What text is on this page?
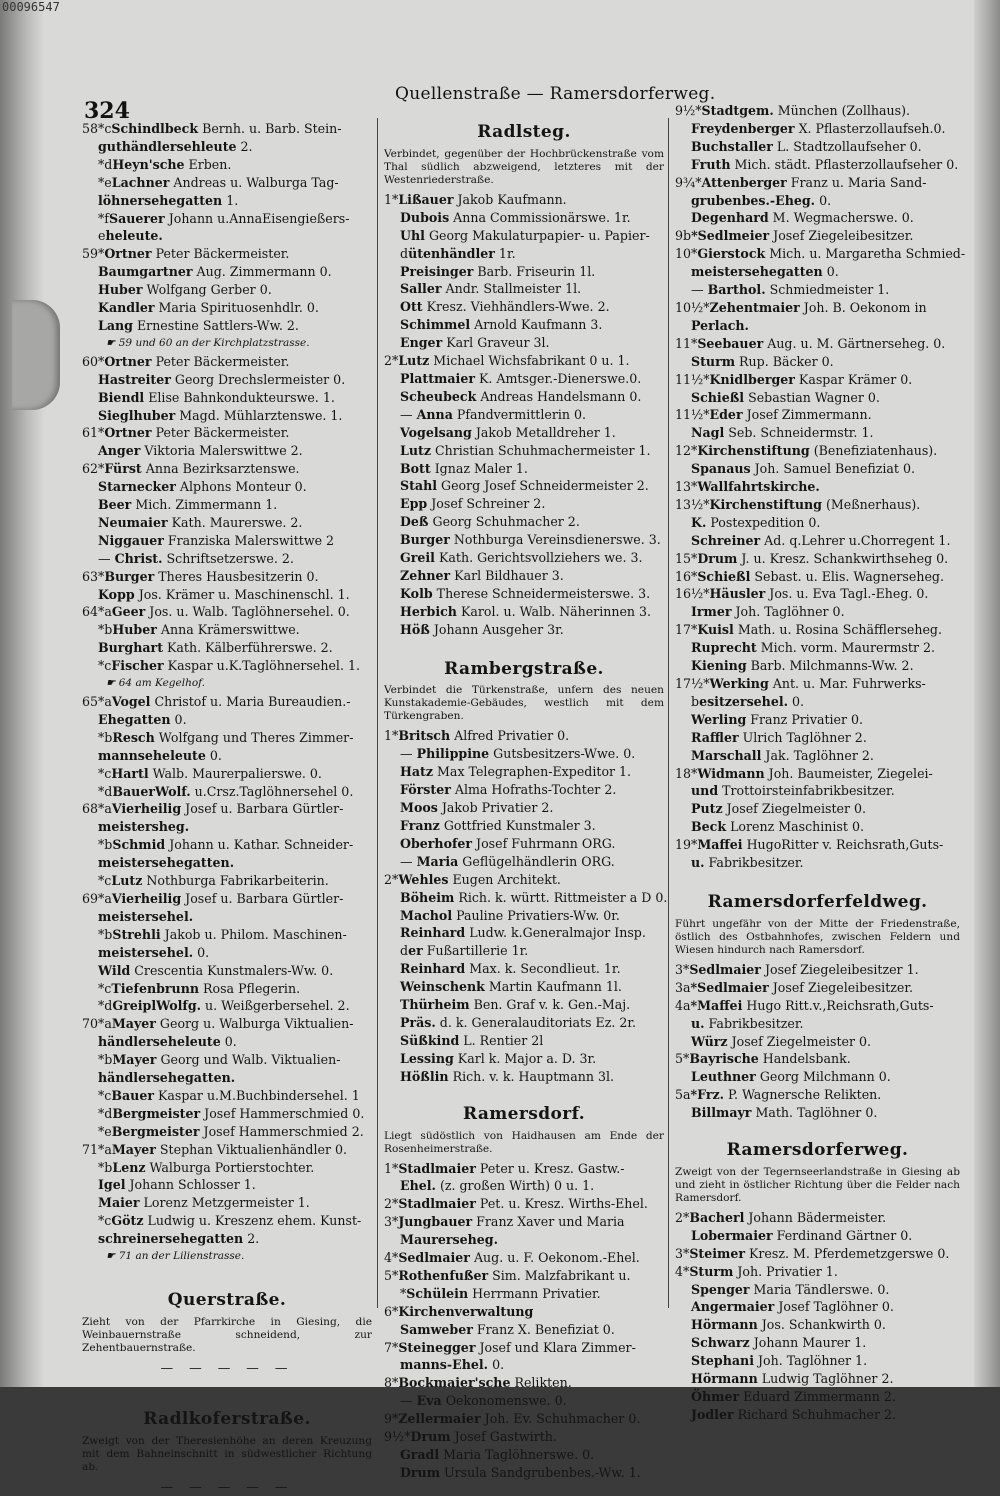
00096547
324
Quellenstraße — Ramersdorferweg.
58*cSchindlbeck Bernh. u. Barb. Stein-
guthändlersehleute 2.
*dHeyn'sche Erben.
*eLachner Andreas u. Walburga Tag-
löhnersehegatten 1.
*fSauerer Johann u.AnnaEisengießers-
eheleute.
59*Ortner Peter Bäckermeister.
Baumgartner Aug. Zimmermann 0.
Huber Wolfgang Gerber 0.
Kandler Maria Spirituosenhdlr. 0.
Lang Ernestine Sattlers-Ww. 2.
☛ 59 und 60 an der Kirchplatzstrasse.
60*Ortner Peter Bäckermeister.
Hastreiter Georg Drechslermeister 0.
Biendl Elise Bahnkondukteurswe. 1.
Sieglhuber Magd. Mühlarztenswe. 1.
61*Ortner Peter Bäckermeister.
Anger Viktoria Malerswittwe 2.
62*Fürst Anna Bezirksarztenswe.
Starnecker Alphons Monteur 0.
Beer Mich. Zimmermann 1.
Neumaier Kath. Maurerswe. 2.
Niggauer Franziska Malerswittwe 2
— Christ. Schriftsetzerswe. 2.
63*Burger Theres Hausbesitzerin 0.
Kopp Jos. Krämer u. Maschinenschl. 1.
64*aGeer Jos. u. Walb. Taglöhnersehel. 0.
*bHuber Anna Krämerswittwe.
Burghart Kath. Kälberführerswe. 2.
*cFischer Kaspar u.K.Taglöhnersehel. 1.
☛ 64 am Kegelhof.
65*aVogel Christof u. Maria Bureaudien.-
Ehegatten 0.
*bResch Wolfgang und Theres Zimmer-
mannseheleute 0.
*cHartl Walb. Maurerpalierswe. 0.
*dBauerWolf. u.Crsz.Taglöhnersehel 0.
68*aVierheilig Josef u. Barbara Gürtler-
meistersheg.
*bSchmid Johann u. Kathar. Schneider-
meistersehegatten.
*cLutz Nothburga Fabrikarbeiterin.
69*aVierheilig Josef u. Barbara Gürtler-
meistersehel.
*bStrehli Jakob u. Philom. Maschinen-
meistersehel. 0.
Wild Crescentia Kunstmalers-Ww. 0.
*cTiefenbrunn Rosa Pflegerin.
*dGreiplWolfg. u. Weißgerbersehel. 2.
70*aMayer Georg u. Walburga Viktualien-
händlerseheleute 0.
*bMayer Georg und Walb. Viktualien-
händlersehegatten.
*cBauer Kaspar u.M.Buchbindersehel. 1
*dBergmeister Josef Hammerschmied 0.
*eBergmeister Josef Hammerschmied 2.
71*aMayer Stephan Viktualienhändler 0.
*bLenz Walburga Portierstochter.
Igel Johann Schlosser 1.
Maier Lorenz Metzgermeister 1.
*cGötz Ludwig u. Kreszenz ehem. Kunst-
schreinersehegatten 2.
☛ 71 an der Lilienstrasse.
Querstraße.
Zieht von der Pfarrkirche in Giesing, die Weinbauernstraße schneidend, zur Zehentbauernstraße.
— — — — —
Radlkoferstraße.
Zweigt von der Theresienhöhe an deren Kreuzung mit dem Bahneinschnitt in südwestlicher Richtung ab.
— — — — —
Radlsteg.
Verbindet, gegenüber der Hochbrückenstraße vom Thal südlich abzweigend, letzteres mit der Westenriederstraße.
1*Lißauer Jakob Kaufmann.
Dubois Anna Commissionärswe. 1r.
Uhl Georg Makulaturpapier- u. Papier-
dütenhändler 1r.
Preisinger Barb. Friseurin 1l.
Saller Andr. Stallmeister 1l.
Ott Kresz. Viehhändlers-Wwe. 2.
Schimmel Arnold Kaufmann 3.
Enger Karl Graveur 3l.
2*Lutz Michael Wichsfabrikant 0 u. 1.
Plattmaier K. Amtsger.-Dienerswe.0.
Scheubeck Andreas Handelsmann 0.
— Anna Pfandvermittlerin 0.
Vogelsang Jakob Metalldreher 1.
Lutz Christian Schuhmachermeister 1.
Bott Ignaz Maler 1.
Stahl Georg Josef Schneidermeister 2.
Epp Josef Schreiner 2.
Deß Georg Schuhmacher 2.
Burger Nothburga Vereinsdienerswe. 3.
Greil Kath. Gerichtsvollziehers we. 3.
Zehner Karl Bildhauer 3.
Kolb Therese Schneidermeisterswe. 3.
Herbich Karol. u. Walb. Näherinnen 3.
Höß Johann Ausgeher 3r.
Rambergstraße.
Verbindet die Türkenstraße, unfern des neuen Kunstakademie-Gebäudes, westlich mit dem Türkengraben.
1*Britsch Alfred Privatier 0.
— Philippine Gutsbesitzers-Wwe. 0.
Hatz Max Telegraphen-Expeditor 1.
Förster Alma Hofraths-Tochter 2.
Moos Jakob Privatier 2.
Franz Gottfried Kunstmaler 3.
Oberhofer Josef Fuhrmann ORG.
— Maria Geflügelhändlerin ORG.
2*Wehles Eugen Architekt.
Böheim Rich. k. württ. Rittmeister a D 0.
Machol Pauline Privatiers-Ww. 0r.
Reinhard Ludw. k.Generalmajor Insp.
der Fußartillerie 1r.
Reinhard Max. k. Secondlieut. 1r.
Weinschenk Martin Kaufmann 1l.
Thürheim Ben. Graf v. k. Gen.-Maj.
Präs. d. k. Generalauditoriats Ez. 2r.
Süßkind L. Rentier 2l
Lessing Karl k. Major a. D. 3r.
Hößlin Rich. v. k. Hauptmann 3l.
Ramersdorf.
Liegt südöstlich von Haidhausen am Ende der Rosenheimerstraße.
1*Stadlmaier Peter u. Kresz. Gastw.-
Ehel. (z. großen Wirth) 0 u. 1.
2*Stadlmaier Pet. u. Kresz. Wirths-Ehel.
3*Jungbauer Franz Xaver und Maria
Maurerseheg.
4*Sedlmaier Aug. u. F. Oekonom.-Ehel.
5*Rothenfußer Sim. Malzfabrikant u.
*Schülein Herrmann Privatier.
6*Kirchenverwaltung
Samweber Franz X. Benefiziat 0.
7*Steinegger Josef und Klara Zimmer-
manns-Ehel. 0.
8*Bockmaier'sche Relikten.
— Eva Oekonomenswe. 0.
9*Zellermaier Joh. Ev. Schuhmacher 0.
9½*Drum Josef Gastwirth.
Gradl Maria Taglöhnerswe. 0.
Drum Ursula Sandgrubenbes.-Ww. 1.
9½*Stadtgem. München (Zollhaus).
Freydenberger X. Pflasterzollaufseh.0.
Buchstaller L. Stadtzollaufseher 0.
Fruth Mich. städt. Pflasterzollaufseher 0.
9¾*Attenberger Franz u. Maria Sand-
grubenbes.-Eheg. 0.
Degenhard M. Wegmacherswe. 0.
9b*Sedlmeier Josef Ziegeleibesitzer.
10*Gierstock Mich. u. Margaretha Schmied-
meistersehegatten 0.
— Barthol. Schmiedmeister 1.
10½*Zehentmaier Joh. B. Oekonom in
Perlach.
11*Seebauer Aug. u. M. Gärtnerseheg. 0.
Sturm Rup. Bäcker 0.
11½*Knidlberger Kaspar Krämer 0.
Schießl Sebastian Wagner 0.
11½*Eder Josef Zimmermann.
Nagl Seb. Schneidermstr. 1.
12*Kirchenstiftung (Benefiziatenhaus).
Spanaus Joh. Samuel Benefiziat 0.
13*Wallfahrtskirche.
13½*Kirchenstiftung (Meßnerhaus).
K. Postexpedition 0.
Schreiner Ad. q.Lehrer u.Chorregent 1.
15*Drum J. u. Kresz. Schankwirthseheg 0.
16*Schießl Sebast. u. Elis. Wagnerseheg.
16½*Häusler Jos. u. Eva Tagl.-Eheg. 0.
Irmer Joh. Taglöhner 0.
17*Kuisl Math. u. Rosina Schäfflerseheg.
Ruprecht Mich. vorm. Maurermstr 2.
Kiening Barb. Milchmanns-Ww. 2.
17½*Werking Ant. u. Mar. Fuhrwerks-
besitzersehel. 0.
Werling Franz Privatier 0.
Raffler Ulrich Taglöhner 2.
Marschall Jak. Taglöhner 2.
18*Widmann Joh. Baumeister, Ziegelei-
und Trottoirsteinfabrikbesitzer.
Putz Josef Ziegelmeister 0.
Beck Lorenz Maschinist 0.
19*Maffei HugoRitter v. Reichsrath,Guts-
u. Fabrikbesitzer.
Ramersdorferfeldweg.
Führt ungefähr von der Mitte der Friedenstraße, östlich des Ostbahnhofes, zwischen Feldern und Wiesen hindurch nach Ramersdorf.
3*Sedlmaier Josef Ziegeleibesitzer 1.
3a*Sedlmaier Josef Ziegeleibesitzer.
4a*Maffei Hugo Ritt.v.,Reichsrath,Guts-
u. Fabrikbesitzer.
Würz Josef Ziegelmeister 0.
5*Bayrische Handelsbank.
Leuthner Georg Milchmann 0.
5a*Frz. P. Wagnersche Relikten.
Billmayr Math. Taglöhner 0.
Ramersdorferweg.
Zweigt von der Tegernseerlandstraße in Giesing ab und zieht in östlicher Richtung über die Felder nach Ramersdorf.
2*Bacherl Johann Bädermeister.
Lobermaier Ferdinand Gärtner 0.
3*Steimer Kresz. M. Pferdemetzgerswe 0.
4*Sturm Joh. Privatier 1.
Spenger Maria Tändlerswe. 0.
Angermaier Josef Taglöhner 0.
Hörmann Jos. Schankwirth 0.
Schwarz Johann Maurer 1.
Stephani Joh. Taglöhner 1.
Hörmann Ludwig Taglöhner 2.
Öhmer Eduard Zimmermann 2.
Jodler Richard Schuhmacher 2.
